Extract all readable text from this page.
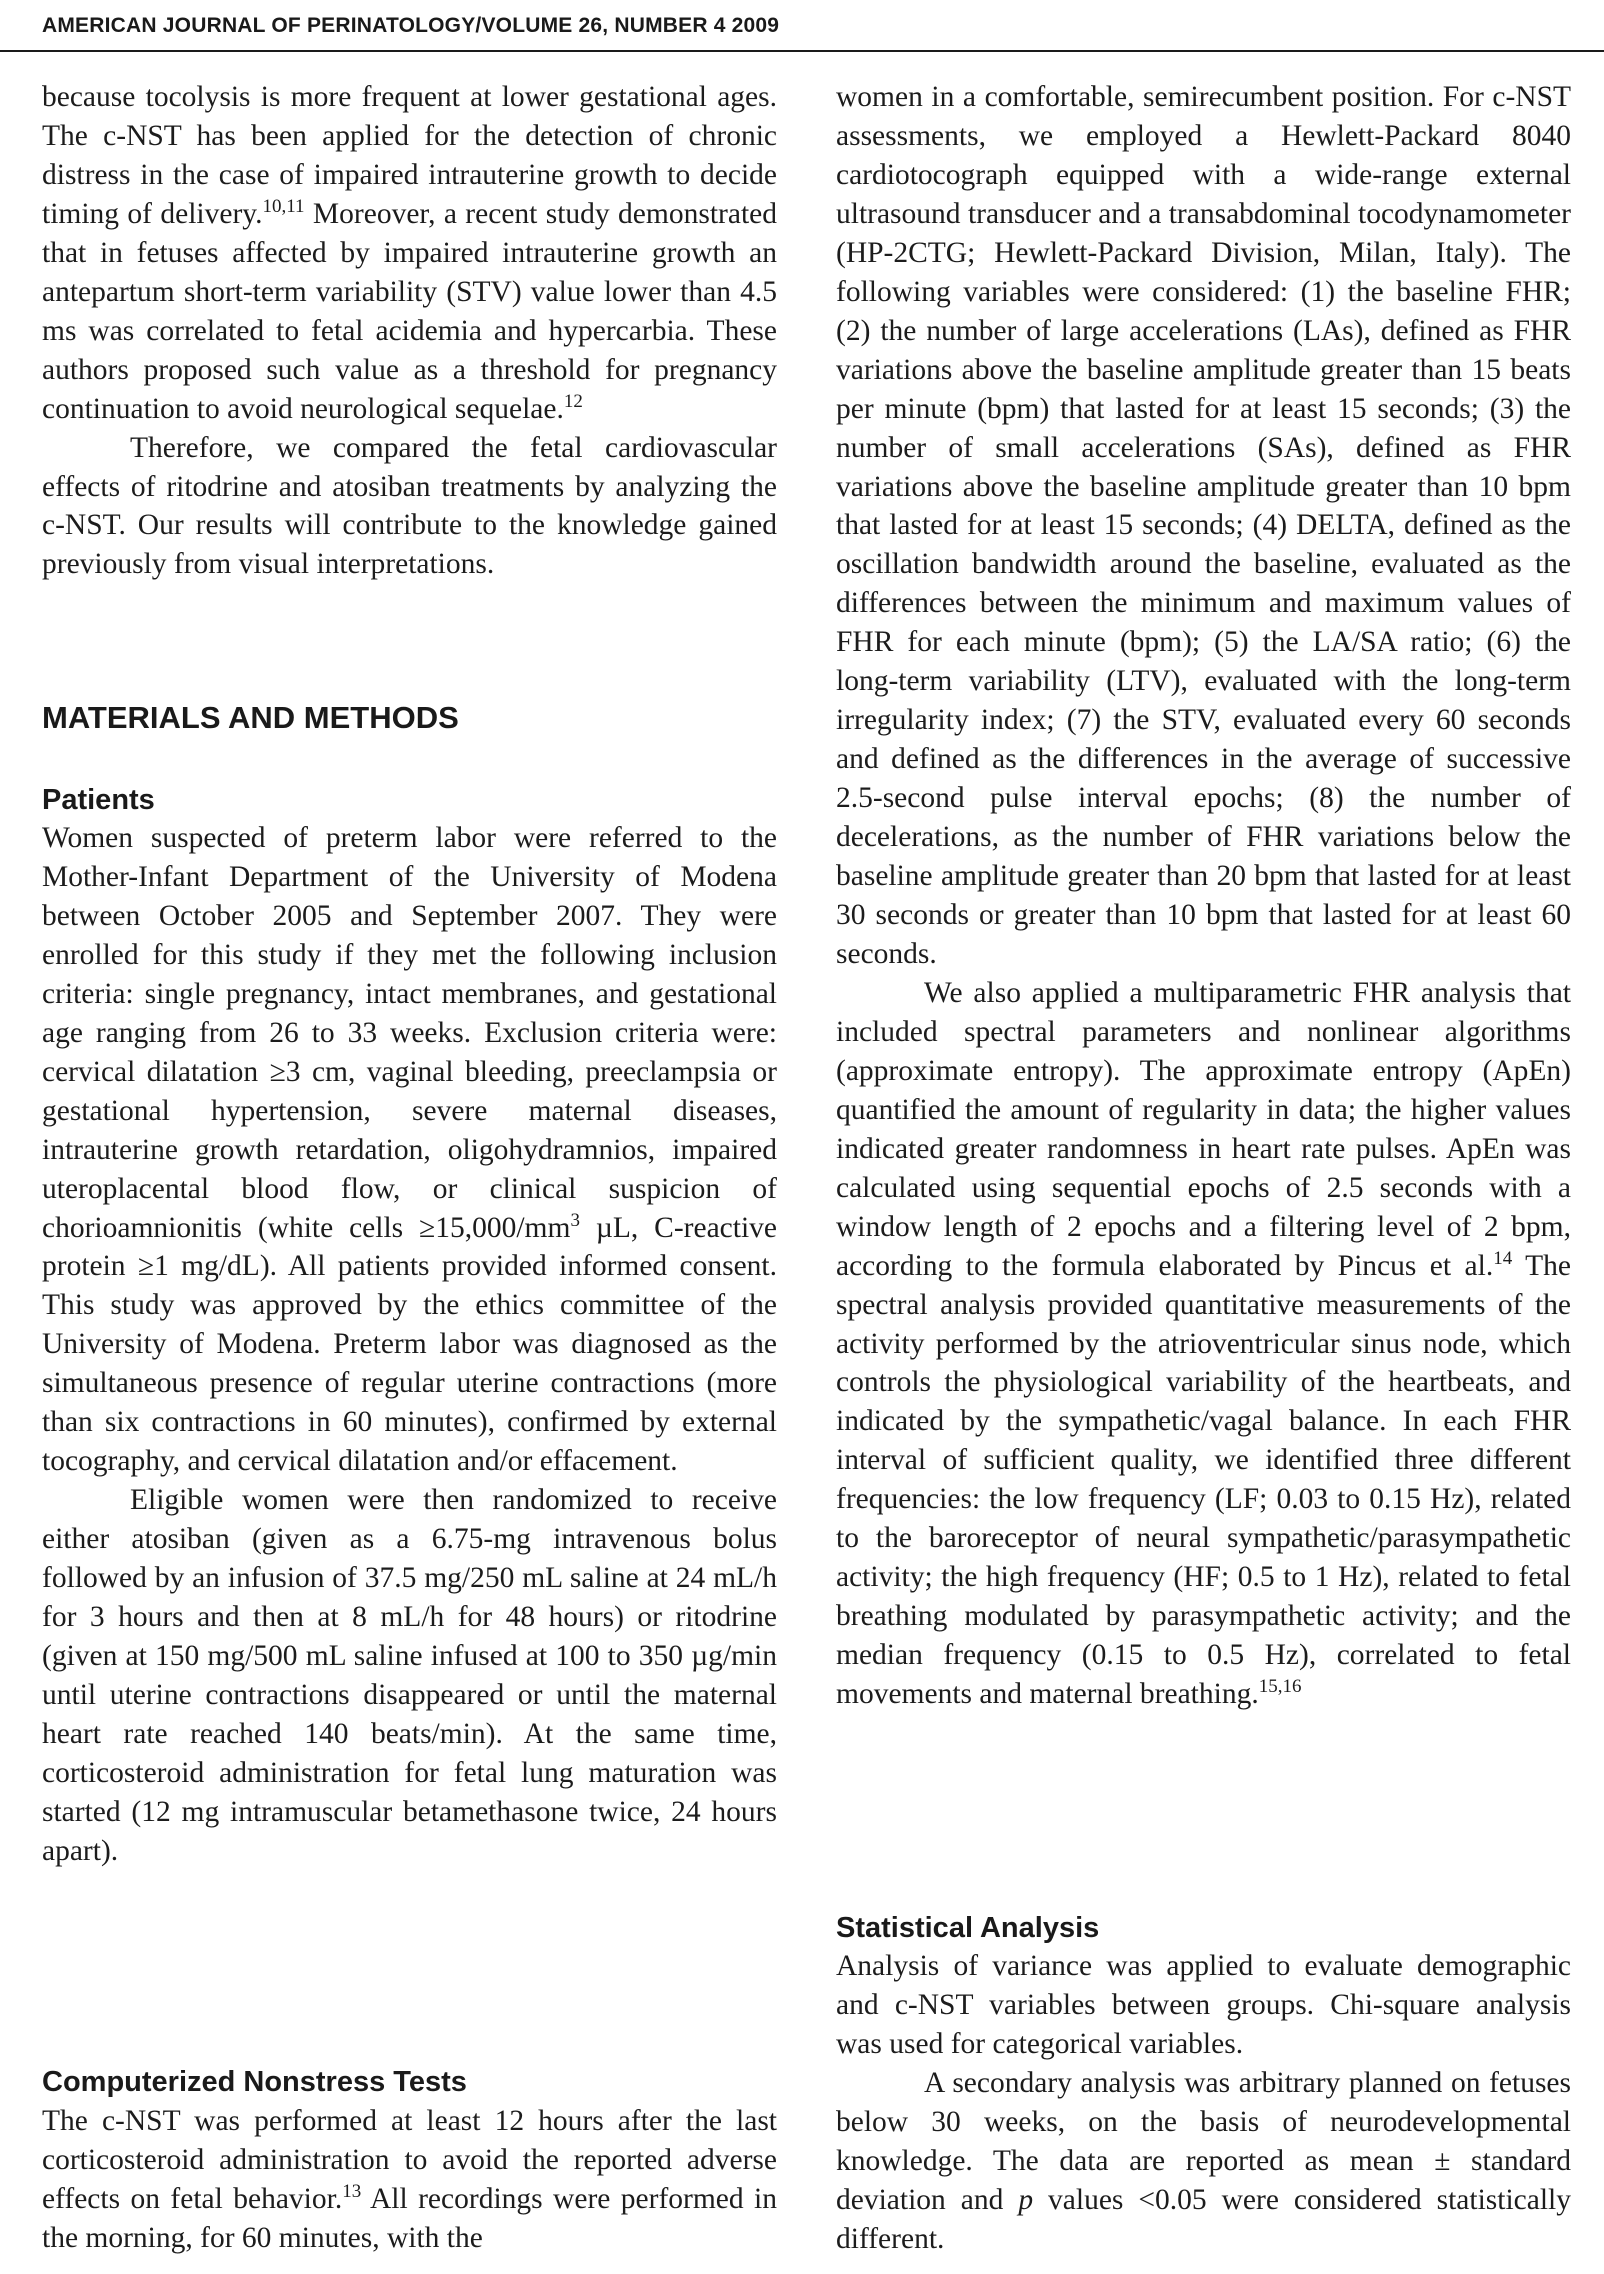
AMERICAN JOURNAL OF PERINATOLOGY/VOLUME 26, NUMBER 4 2009

because tocolysis is more frequent at lower gestational ages. The c-NST has been applied for the detection of chronic distress in the case of impaired intrauterine growth to decide timing of delivery.$^{10,11}$ Moreover, a recent study demonstrated that in fetuses affected by impaired intrauterine growth an antepartum short-term variability (STV) value lower than 4.5 ms was correlated to fetal acidemia and hypercarbia. These authors proposed such value as a threshold for pregnancy continuation to avoid neurological sequelae.$^{12}$

Therefore, we compared the fetal cardiovascular effects of ritodrine and atosiban treatments by analyzing the c-NST. Our results will contribute to the knowledge gained previously from visual interpretations.

MATERIALS AND METHODS
Patients

Women suspected of preterm labor were referred to the Mother-Infant Department of the University of Modena between October 2005 and September 2007. They were enrolled for this study if they met the following inclusion criteria: single pregnancy, intact membranes, and gestational age ranging from 26 to 33 weeks. Exclusion criteria were: cervical dilatation ≥3 cm, vaginal bleeding, preeclampsia or gestational hypertension, severe maternal diseases, intrauterine growth retardation, oligohydramnios, impaired uteroplacental blood flow, or clinical suspicion of chorioamnionitis (white cells $\ge 15,000/mm^3$ µL, C-reactive protein ≥1 mg/dL). All patients provided informed consent. This study was approved by the ethics committee of the University of Modena. Preterm labor was diagnosed as the simultaneous presence of regular uterine contractions (more than six contractions in 60 minutes), confirmed by external tocography, and cervical dilatation and/or effacement.

Eligible women were then randomized to receive either atosiban (given as a 6.75-mg intravenous bolus followed by an infusion of 37.5 mg/250 mL saline at 24 mL/h for 3 hours and then at 8 mL/h for 48 hours) or ritodrine (given at 150 mg/500 mL saline infused at 100 to 350 µg/min until uterine contractions disappeared or until the maternal heart rate reached 140 beats/min). At the same time, corticosteroid administration for fetal lung maturation was started (12 mg intramuscular betamethasone twice, 24 hours apart).

Computerized Nonstress Tests

The c-NST was performed at least 12 hours after the last corticosteroid administration to avoid the reported adverse effects on fetal behavior.$^{13}$ All recordings were performed in the morning, for 60 minutes, with the

women in a comfortable, semirecumbent position. For c-NST assessments, we employed a Hewlett-Packard 8040 cardiotocograph equipped with a wide-range external ultrasound transducer and a transabdominal tocodynamometer (HP-2CTG; Hewlett-Packard Division, Milan, Italy). The following variables were considered: (1) the baseline FHR; (2) the number of large accelerations (LAs), defined as FHR variations above the baseline amplitude greater than 15 beats per minute (bpm) that lasted for at least 15 seconds; (3) the number of small accelerations (SAs), defined as FHR variations above the baseline amplitude greater than 10 bpm that lasted for at least 15 seconds; (4) DELTA, defined as the oscillation bandwidth around the baseline, evaluated as the differences between the minimum and maximum values of FHR for each minute (bpm); (5) the LA/SA ratio; (6) the long-term variability (LTV), evaluated with the long-term irregularity index; (7) the STV, evaluated every 60 seconds and defined as the differences in the average of successive 2.5-second pulse interval epochs; (8) the number of decelerations, as the number of FHR variations below the baseline amplitude greater than 20 bpm that lasted for at least 30 seconds or greater than 10 bpm that lasted for at least 60 seconds.

We also applied a multiparametric FHR analysis that included spectral parameters and nonlinear algorithms (approximate entropy). The approximate entropy (ApEn) quantified the amount of regularity in data; the higher values indicated greater randomness in heart rate pulses. ApEn was calculated using sequential epochs of 2.5 seconds with a window length of 2 epochs and a filtering level of 2 bpm, according to the formula elaborated by Pincus et al.$^{14}$ The spectral analysis provided quantitative measurements of the activity performed by the atrioventricular sinus node, which controls the physiological variability of the heartbeats, and indicated by the sympathetic/vagal balance. In each FHR interval of sufficient quality, we identified three different frequencies: the low frequency (LF; 0.03 to 0.15 Hz), related to the baroreceptor of neural sympathetic/parasympathetic activity; the high frequency (HF; 0.5 to 1 Hz), related to fetal breathing modulated by parasympathetic activity; and the median frequency (0.15 to 0.5 Hz), correlated to fetal movements and maternal breathing.$^{15,16}$

Statistical Analysis

Analysis of variance was applied to evaluate demographic and c-NST variables between groups. Chi-square analysis was used for categorical variables.

A secondary analysis was arbitrary planned on fetuses below 30 weeks, on the basis of neurodevelopmental knowledge. The data are reported as mean ± standard deviation and p values <0.05 were considered statistically different.
